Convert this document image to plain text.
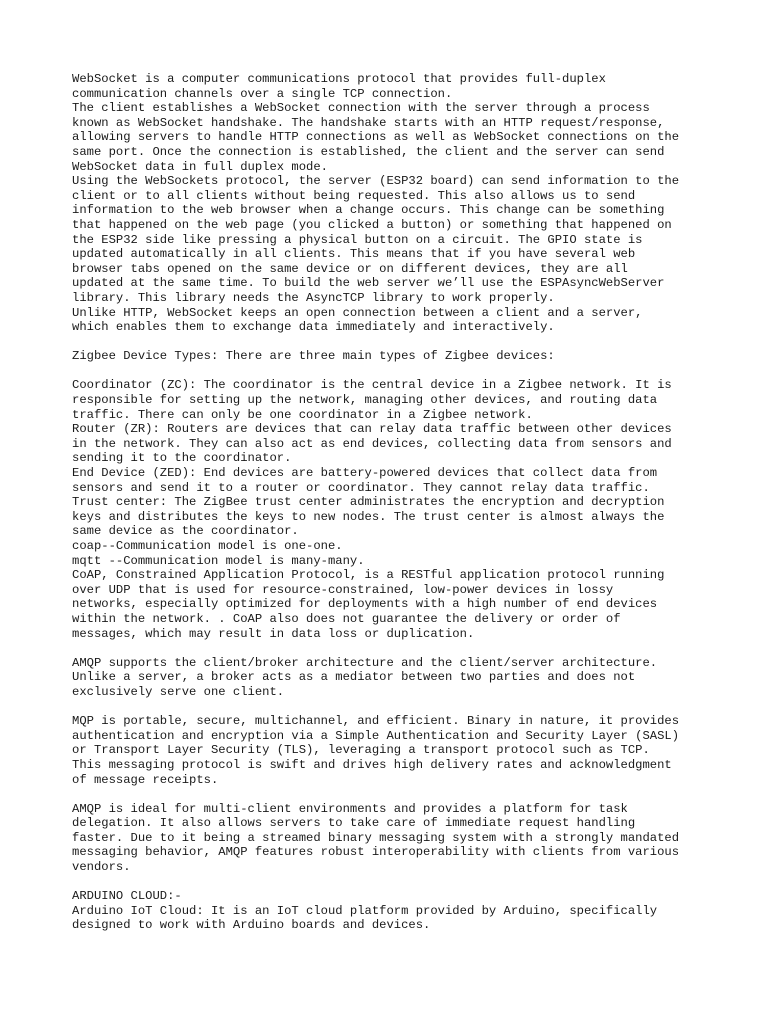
WebSocket is a computer communications protocol that provides full-duplex
communication channels over a single TCP connection.
The client establishes a WebSocket connection with the server through a process
known as WebSocket handshake. The handshake starts with an HTTP request/response,
allowing servers to handle HTTP connections as well as WebSocket connections on the
same port. Once the connection is established, the client and the server can send
WebSocket data in full duplex mode.
Using the WebSockets protocol, the server (ESP32 board) can send information to the
client or to all clients without being requested. This also allows us to send
information to the web browser when a change occurs. This change can be something
that happened on the web page (you clicked a button) or something that happened on
the ESP32 side like pressing a physical button on a circuit. The GPIO state is
updated automatically in all clients. This means that if you have several web
browser tabs opened on the same device or on different devices, they are all
updated at the same time. To build the web server we’ll use the ESPAsyncWebServer
library. This library needs the AsyncTCP library to work properly.
Unlike HTTP, WebSocket keeps an open connection between a client and a server,
which enables them to exchange data immediately and interactively.
Zigbee Device Types: There are three main types of Zigbee devices:
Coordinator (ZC): The coordinator is the central device in a Zigbee network. It is
responsible for setting up the network, managing other devices, and routing data
traffic. There can only be one coordinator in a Zigbee network.
Router (ZR): Routers are devices that can relay data traffic between other devices
in the network. They can also act as end devices, collecting data from sensors and
sending it to the coordinator.
End Device (ZED): End devices are battery-powered devices that collect data from
sensors and send it to a router or coordinator. They cannot relay data traffic.
Trust center: The ZigBee trust center administrates the encryption and decryption
keys and distributes the keys to new nodes. The trust center is almost always the
same device as the coordinator.
coap--Communication model is one-one.
mqtt --Communication model is many-many.
CoAP, Constrained Application Protocol, is a RESTful application protocol running
over UDP that is used for resource-constrained, low-power devices in lossy
networks, especially optimized for deployments with a high number of end devices
within the network. . CoAP also does not guarantee the delivery or order of
messages, which may result in data loss or duplication.
AMQP supports the client/broker architecture and the client/server architecture.
Unlike a server, a broker acts as a mediator between two parties and does not
exclusively serve one client.
MQP is portable, secure, multichannel, and efficient. Binary in nature, it provides
authentication and encryption via a Simple Authentication and Security Layer (SASL)
or Transport Layer Security (TLS), leveraging a transport protocol such as TCP.
This messaging protocol is swift and drives high delivery rates and acknowledgment
of message receipts.
AMQP is ideal for multi-client environments and provides a platform for task
delegation. It also allows servers to take care of immediate request handling
faster. Due to it being a streamed binary messaging system with a strongly mandated
messaging behavior, AMQP features robust interoperability with clients from various
vendors.
ARDUINO CLOUD:-
Arduino IoT Cloud: It is an IoT cloud platform provided by Arduino, specifically
designed to work with Arduino boards and devices.
